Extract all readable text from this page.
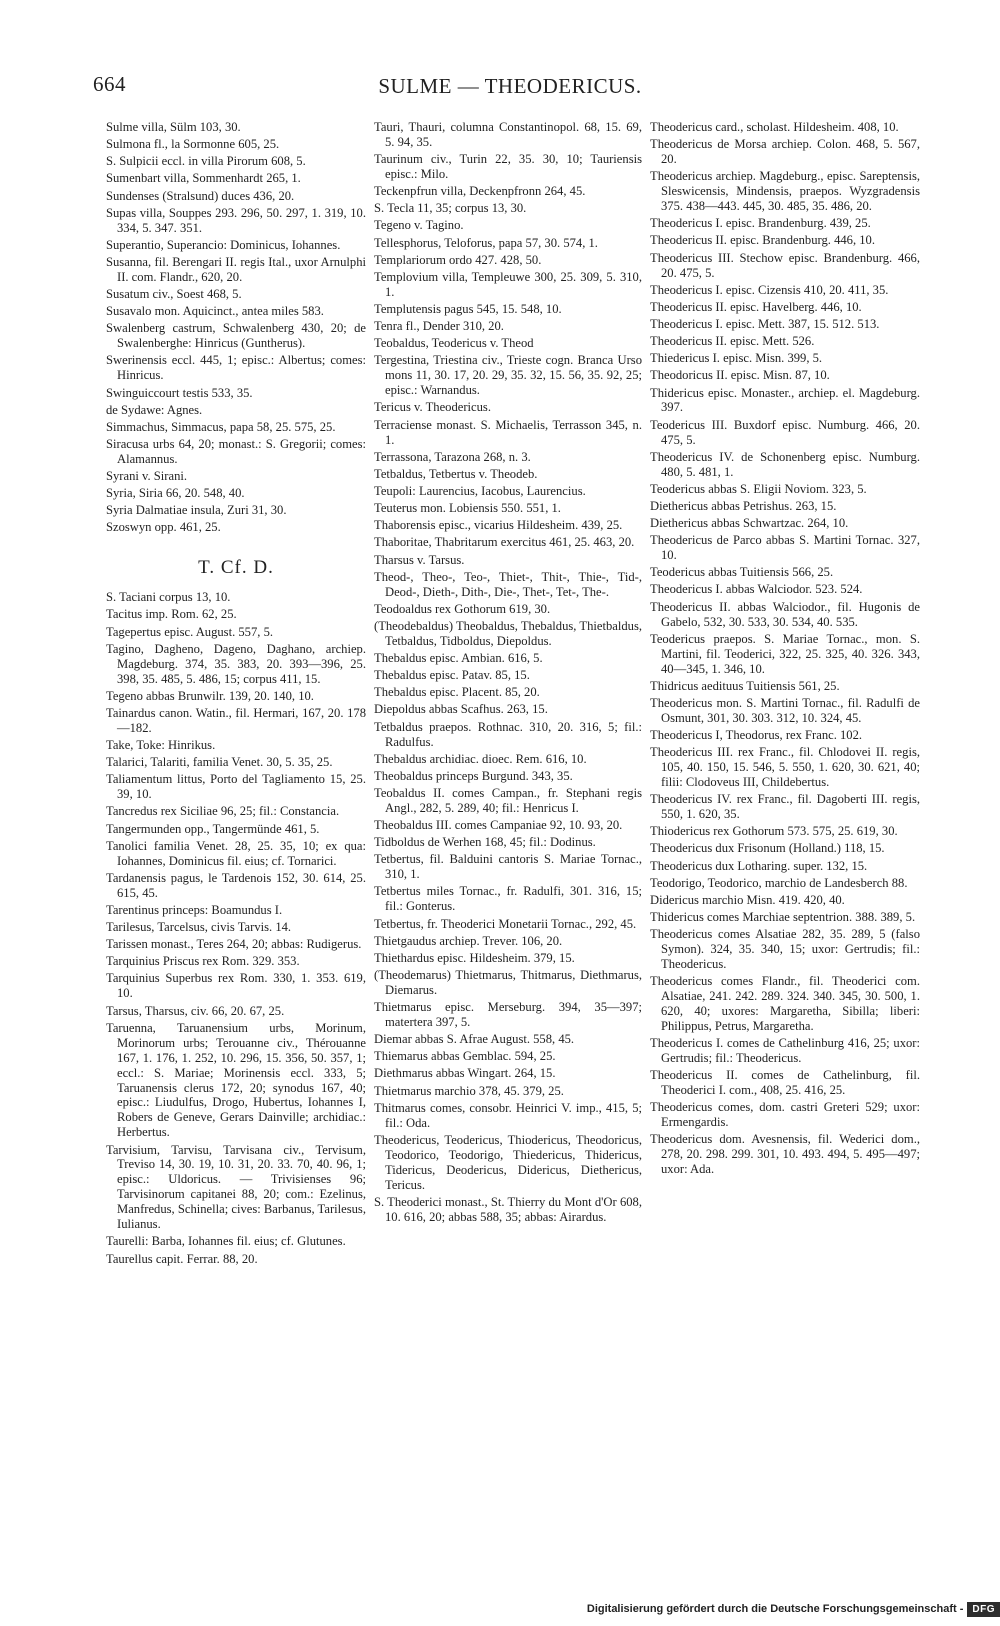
664	SULME — THEODERICUS.
Sulme villa, Sülm 103, 30.
Sulmona fl., la Sormonne 605, 25.
S. Sulpicii eccl. in villa Pirorum 608, 5.
Sumenbart villa, Sommenhardt 265, 1.
Sundenses (Stralsund) duces 436, 20.
Supas villa, Souppes 293. 296, 50. 297, 1. 319, 10. 334, 5. 347. 351.
Superantio, Superancio: Dominicus, Iohannes.
Susanna, fil. Berengari II. regis Ital., uxor Arnulphi II. com. Flandr., 620, 20.
Susatum civ., Soest 468, 5.
Susavalo mon. Aquicinct., antea miles 583.
Swalenberg castrum, Schwalenberg 430, 20; de Swalenberghe: Hinricus (Guntherus).
Swerinensis eccl. 445, 1; episc.: Albertus; comes: Hinricus.
Swinguiccourt testis 533, 35.
de Sydawe: Agnes.
Simmachus, Simmacus, papa 58, 25. 575, 25.
Siracusa urbs 64, 20; monast.: S. Gregorii; comes: Alamannus.
Syrani v. Sirani.
Syria, Siria 66, 20. 548, 40.
Syria Dalmatiae insula, Zuri 31, 30.
Szoswyn opp. 461, 25.
T. Cf. D.
S. Taciani corpus 13, 10.
Tacitus imp. Rom. 62, 25.
Tagepertus episc. August. 557, 5.
Tagino, Dagheno, Dageno, Daghano, archiep. Magdeburg. 374, 35. 383, 20. 393—396, 25. 398, 35. 485, 5. 486, 15; corpus 411, 15.
Tegeno abbas Brunwilr. 139, 20. 140, 10.
Tainardus canon. Watin., fil. Hermari, 167, 20. 178—182.
Take, Toke: Hinrikus.
Talarici, Talariti, familia Venet. 30, 5. 35, 25.
Taliamentum littus, Porto del Tagliamento 15, 25. 39, 10.
Tancredus rex Siciliae 96, 25; fil.: Constancia.
Tangermunden opp., Tangermünde 461, 5.
Tanolici familia Venet. 28, 25. 35, 10; ex qua: Iohannes, Dominicus fil. eius; cf. Tornarici.
Tardanensis pagus, le Tardenois 152, 30. 614, 25. 615, 45.
Tarentinus princeps: Boamundus I.
Tarilesus, Tarcelsus, civis Tarvis. 14.
Tarissen monast., Teres 264, 20; abbas: Rudigerus.
Tarquinius Priscus rex Rom. 329. 353.
Tarquinius Superbus rex Rom. 330, 1. 353. 619, 10.
Tarsus, Tharsus, civ. 66, 20. 67, 25.
Taruenna, Taruanensium urbs, Morinum, Morinorum urbs; Terouanne civ., Thérouanne 167, 1. 176, 1. 252, 10. 296, 15. 356, 50. 357, 1; eccl.: S. Mariae; Morinensis eccl. 333, 5; Taruanensis clerus 172, 20; synodus 167, 40; episc.: Liudulfus, Drogo, Hubertus, Iohannes I, Robers de Geneve, Gerars Dainville; archidiac.: Herbertus.
Tarvisium, Tarvisu, Tarvisana civ., Tervisum, Treviso 14, 30. 19, 10. 31, 20. 33. 70, 40. 96, 1; episc.: Uldoricus. — Trivisienses 96; Tarvisinorum capitanei 88, 20; com.: Ezelinus, Manfredus, Schinella; cives: Barbanus, Tarilesus, Iulianus.
Taurelli: Barba, Iohannes fil. eius; cf. Glutunes.
Taurellus capit. Ferrar. 88, 20.
Tauri, Thauri, columna Constantinopol. 68, 15. 69, 5. 94, 35.
Taurinum civ., Turin 22, 35. 30, 10; Tauriensis episc.: Milo.
Teckenpfrun villa, Deckenpfronn 264, 45.
S. Tecla 11, 35; corpus 13, 30.
Tegeno v. Tagino.
Tellesphorus, Teloforus, papa 57, 30. 574, 1.
Templariorum ordo 427. 428, 50.
Templovium villa, Templeuwe 300, 25. 309, 5. 310, 1.
Templutensis pagus 545, 15. 548, 10.
Tenra fl., Dender 310, 20.
Teobaldus, Teodericus v. Theod
Tergestina, Triestina civ., Trieste cogn. Branca Urso mons 11, 30. 17, 20. 29, 35. 32, 15. 56, 35. 92, 25; episc.: Warnandus.
Tericus v. Theodericus.
Terraciense monast. S. Michaelis, Terrasson 345, n. 1.
Terrassona, Tarazona 268, n. 3.
Tetbaldus, Tetbertus v. Theodeb.
Teupoli: Laurencius, Iacobus, Laurencius.
Teuterus mon. Lobiensis 550. 551, 1.
Thaborensis episc., vicarius Hildesheim. 439, 25.
Thaboritae, Thabritarum exercitus 461, 25. 463, 20.
Tharsus v. Tarsus.
Theod-, Theo-, Teo-, Thiet-, Thit-, Thie-, Tid-, Deod-, Dieth-, Dith-, Die-, Thet-, Tet-, The-.
Teodoaldus rex Gothorum 619, 30.
(Theodebaldus) Theobaldus, Thebaldus, Thietbaldus, Tetbaldus, Tidboldus, Diepoldus.
Thebaldus episc. Ambian. 616, 5.
Thebaldus episc. Patav. 85, 15.
Thebaldus episc. Placent. 85, 20.
Diepoldus abbas Scafhus. 263, 15.
Tetbaldus praepos. Rothnac. 310, 20. 316, 5; fil.: Radulfus.
Thebaldus archidiac. dioec. Rem. 616, 10.
Theobaldus princeps Burgund. 343, 35.
Teobaldus II. comes Campan., fr. Stephani regis Angl., 282, 5. 289, 40; fil.: Henricus I.
Theobaldus III. comes Campaniae 92, 10. 93, 20.
Tidboldus de Werhen 168, 45; fil.: Dodinus.
Tetbertus, fil. Balduini cantoris S. Mariae Tornac., 310, 1.
Tetbertus miles Tornac., fr. Radulfi, 301. 316, 15; fil.: Gonterus.
Tetbertus, fr. Theoderici Monetarii Tornac., 292, 45.
Thietgaudus archiep. Trever. 106, 20.
Thiethardus episc. Hildesheim. 379, 15.
(Theodemarus) Thietmarus, Thitmarus, Diethmarus, Diemarus.
Thietmarus episc. Merseburg. 394, 35—397; matertera 397, 5.
Diemar abbas S. Afrae August. 558, 45.
Thiemarus abbas Gemblac. 594, 25.
Diethmarus abbas Wingart. 264, 15.
Thietmarus marchio 378, 45. 379, 25.
Thitmarus comes, consobr. Heinrici V. imp., 415, 5; fil.: Oda.
Theodericus, Teodericus, Thiodericus, Theodoricus, Teodorico, Teodorigo, Thiedericus, Thidericus, Tidericus, Deodericus, Didericus, Diethericus, Tericus.
S. Theoderici monast., St. Thierry du Mont d'Or 608, 10. 616, 20; abbas 588, 35; abbas: Airardus.
Theodericus card., scholast. Hildesheim. 408, 10.
Theodericus de Morsa archiep. Colon. 468, 5. 567, 20.
Theodericus archiep. Magdeburg., episc. Sareptensis, Sleswicensis, Mindensis, praepos. Wyzgradensis 375. 438—443. 445, 30. 485, 35. 486, 20.
Theodericus I. episc. Brandenburg. 439, 25.
Theodericus II. episc. Brandenburg. 446, 10.
Theodericus III. Stechow episc. Brandenburg. 466, 20. 475, 5.
Theodericus I. episc. Cizensis 410, 20. 411, 35.
Theodericus II. episc. Havelberg. 446, 10.
Theodericus I. episc. Mett. 387, 15. 512. 513.
Theodericus II. episc. Mett. 526.
Thiedericus I. episc. Misn. 399, 5.
Theodoricus II. episc. Misn. 87, 10.
Thidericus episc. Monaster., archiep. el. Magdeburg. 397.
Teodericus III. Buxdorf episc. Numburg. 466, 20. 475, 5.
Theodericus IV. de Schonenberg episc. Numburg. 480, 5. 481, 1.
Teodericus abbas S. Eligii Noviom. 323, 5.
Diethericus abbas Petrishus. 263, 15.
Diethericus abbas Schwartzac. 264, 10.
Theodericus de Parco abbas S. Martini Tornac. 327, 10.
Teodericus abbas Tuitiensis 566, 25.
Theodericus I. abbas Walciodor. 523. 524.
Theodericus II. abbas Walciodor., fil. Hugonis de Gabelo, 532, 30. 533, 30. 534, 40. 535.
Teodericus praepos. S. Mariae Tornac., mon. S. Martini, fil. Teoderici, 322, 25. 325, 40. 326. 343, 40—345, 1. 346, 10.
Thidricus aedituus Tuitiensis 561, 25.
Theodericus mon. S. Martini Tornac., fil. Radulfi de Osmunt, 301, 30. 303. 312, 10. 324, 45.
Theodericus I, Theodorus, rex Franc. 102.
Theodericus III. rex Franc., fil. Chlodovei II. regis, 105, 40. 150, 15. 546, 5. 550, 1. 620, 30. 621, 40; filii: Clodoveus III, Childebertus.
Theodericus IV. rex Franc., fil. Dagoberti III. regis, 550, 1. 620, 35.
Thiodericus rex Gothorum 573. 575, 25. 619, 30.
Theodericus dux Frisonum (Holland.) 118, 15.
Theodericus dux Lotharing. super. 132, 15.
Teodorigo, Teodorico, marchio de Landesberch 88.
Didericus marchio Misn. 419. 420, 40.
Thidericus comes Marchiae septentrion. 388. 389, 5.
Theodericus comes Alsatiae 282, 35. 289, 5 (falso Symon). 324, 35. 340, 15; uxor: Gertrudis; fil.: Theodericus.
Theodericus comes Flandr., fil. Theoderici com. Alsatiae, 241. 242. 289. 324. 340. 345, 30. 500, 1. 620, 40; uxores: Margaretha, Sibilla; liberi: Philippus, Petrus, Margaretha.
Theodericus I. comes de Cathelinburg 416, 25; uxor: Gertrudis; fil.: Theodericus.
Theodericus II. comes de Cathelinburg, fil. Theoderici I. com., 408, 25. 416, 25.
Theodericus comes, dom. castri Greteri 529; uxor: Ermengardis.
Theodericus dom. Avesnensis, fil. Wederici dom., 278, 20. 298. 299. 301, 10. 493. 494, 5. 495—497; uxor: Ada.
Digitalisierung gefördert durch die Deutsche Forschungsgemeinschaft - DFG
